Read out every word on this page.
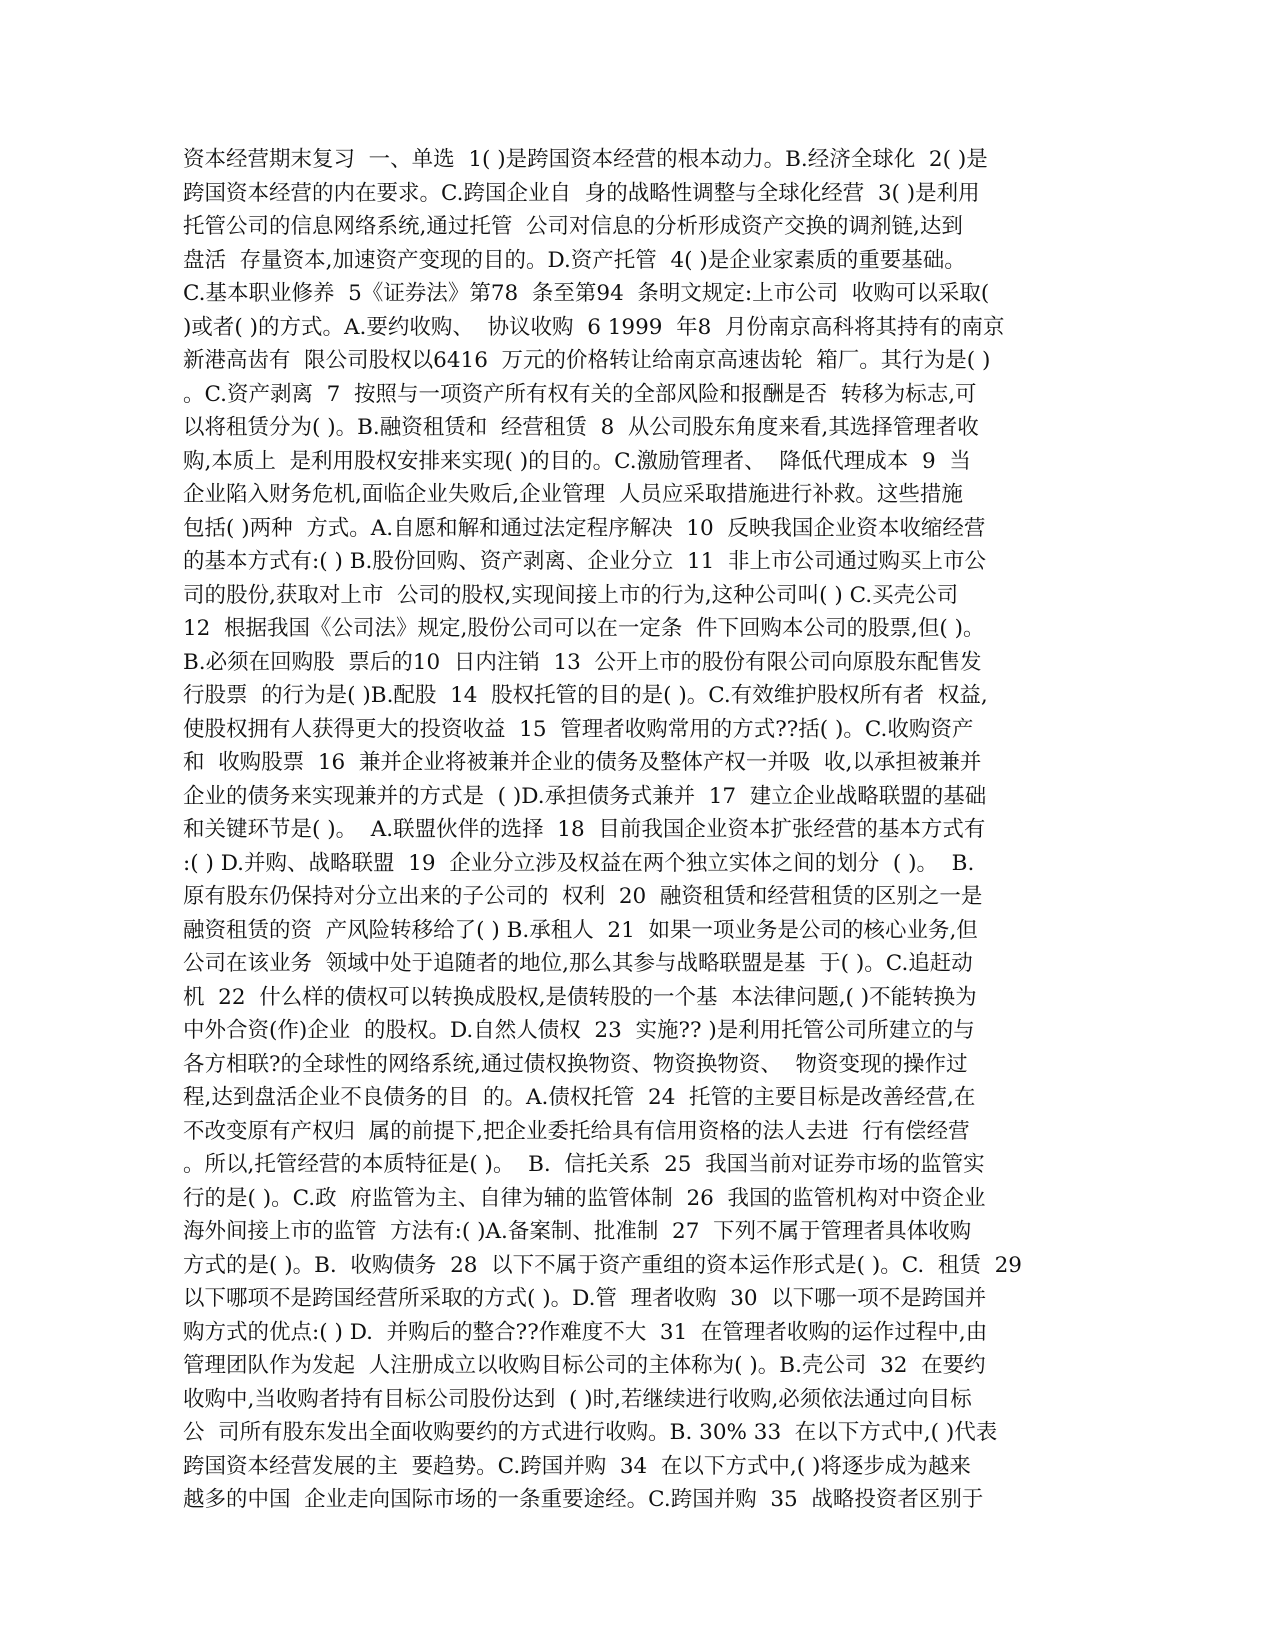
资本经营期末复习  一、单选  1( )是跨国资本经营的根本动力。B.经济全球化  2( )是
跨国资本经营的内在要求。C.跨国企业自  身的战略性调整与全球化经营  3( )是利用
托管公司的信息网络系统,通过托管  公司对信息的分析形成资产交换的调剂链,达到
盘活  存量资本,加速资产变现的目的。D.资产托管  4( )是企业家素质的重要基础。
C.基本职业修养  5《证券法》第78  条至第94  条明文规定:上市公司  收购可以采取(
)或者( )的方式。A.要约收购、  协议收购  6 1999  年8  月份南京高科将其持有的南京
新港高齿有  限公司股权以6416  万元的价格转让给南京高速齿轮  箱厂。其行为是( )
。C.资产剥离  7  按照与一项资产所有权有关的全部风险和报酬是否  转移为标志,可
以将租赁分为( )。B.融资租赁和  经营租赁  8  从公司股东角度来看,其选择管理者收
购,本质上  是利用股权安排来实现( )的目的。C.激励管理者、  降低代理成本  9  当
企业陷入财务危机,面临企业失败后,企业管理  人员应采取措施进行补救。这些措施
包括( )两种  方式。A.自愿和解和通过法定程序解决  10  反映我国企业资本收缩经营
的基本方式有:( ) B.股份回购、资产剥离、企业分立  11  非上市公司通过购买上市公
司的股份,获取对上市  公司的股权,实现间接上市的行为,这种公司叫( ) C.买壳公司
12  根据我国《公司法》规定,股份公司可以在一定条  件下回购本公司的股票,但( )。
B.必须在回购股  票后的10  日内注销  13  公开上市的股份有限公司向原股东配售发
行股票  的行为是( )B.配股  14  股权托管的目的是( )。C.有效维护股权所有者  权益,
使股权拥有人获得更大的投资收益  15  管理者收购常用的方式??括( )。C.收购资产
和  收购股票  16  兼并企业将被兼并企业的债务及整体产权一并吸  收,以承担被兼并
企业的债务来实现兼并的方式是  ( )D.承担债务式兼并  17  建立企业战略联盟的基础
和关键环节是( )。  A.联盟伙伴的选择  18  目前我国企业资本扩张经营的基本方式有
:( ) D.并购、战略联盟  19  企业分立涉及权益在两个独立实体之间的划分  ( )。  B.
原有股东仍保持对分立出来的子公司的  权利  20  融资租赁和经营租赁的区别之一是
融资租赁的资  产风险转移给了( ) B.承租人  21  如果一项业务是公司的核心业务,但
公司在该业务  领域中处于追随者的地位,那么其参与战略联盟是基  于( )。C.追赶动
机  22  什么样的债权可以转换成股权,是债转股的一个基  本法律问题,( )不能转换为
中外合资(作)企业  的股权。D.自然人债权  23  实施?? )是利用托管公司所建立的与
各方相联?的全球性的网络系统,通过债权换物资、物资换物资、  物资变现的操作过
程,达到盘活企业不良债务的目  的。A.债权托管  24  托管的主要目标是改善经营,在
不改变原有产权归  属的前提下,把企业委托给具有信用资格的法人去进  行有偿经营
。所以,托管经营的本质特征是( )。  B.  信托关系  25  我国当前对证券市场的监管实
行的是( )。C.政  府监管为主、自律为辅的监管体制  26  我国的监管机构对中资企业
海外间接上市的监管  方法有:( )A.备案制、批准制  27  下列不属于管理者具体收购
方式的是( )。B.  收购债务  28  以下不属于资产重组的资本运作形式是( )。C.  租赁  29
以下哪项不是跨国经营所采取的方式( )。D.管  理者收购  30  以下哪一项不是跨国并
购方式的优点:( ) D.  并购后的整合??作难度不大  31  在管理者收购的运作过程中,由
管理团队作为发起  人注册成立以收购目标公司的主体称为( )。B.壳公司  32  在要约
收购中,当收购者持有目标公司股份达到  ( )时,若继续进行收购,必须依法通过向目标
公  司所有股东发出全面收购要约的方式进行收购。B. 30% 33  在以下方式中,( )代表
跨国资本经营发展的主  要趋势。C.跨国并购  34  在以下方式中,( )将逐步成为越来
越多的中国  企业走向国际市场的一条重要途经。C.跨国并购  35  战略投资者区别于
